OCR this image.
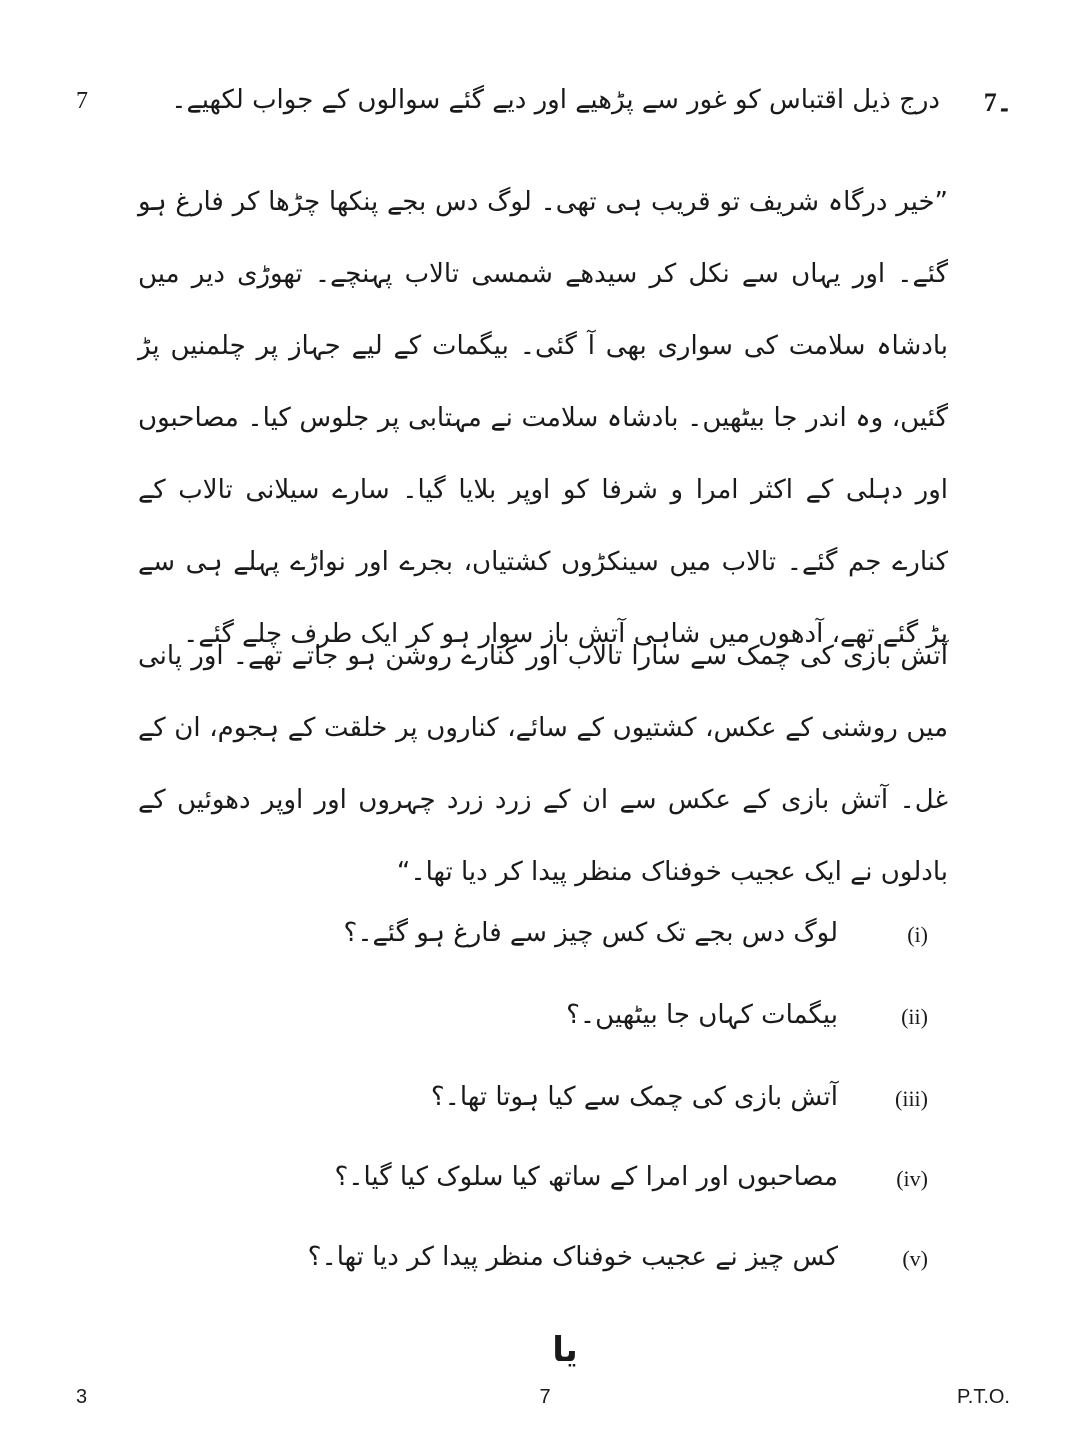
7۔
درج ذیل اقتباس کو غور سے پڑھیے اور دیے گئے سوالوں کے جواب لکھیے۔
7
”خیر درگاہ شریف تو قریب ہی تھی۔ لوگ دس بجے پنکھا چڑھا کر فارغ ہو گئے۔ اور یہاں سے نکل کر سیدھے شمسی تالاب پہنچے۔ تھوڑی دیر میں بادشاہ سلامت کی سواری بھی آ گئی۔ بیگمات کے لیے جہاز پر چلمنیں پڑ گئیں، وہ اندر جا بیٹھیں۔ بادشاہ سلامت نے مہتابی پر جلوس کیا۔ مصاحبوں اور دہلی کے اکثر امرا و شرفا کو اوپر بلایا گیا۔ سارے سیلانی تالاب کے کنارے جم گئے۔ تالاب میں سینکڑوں کشتیاں، بجرے اور نواڑے پہلے ہی سے پڑ گئے تھے، آدھوں میں شاہی آتش باز سوار ہو کر ایک طرف چلے گئے۔
آتش بازی کی چمک سے سارا تالاب اور کنارے روشن ہو جاتے تھے۔ اور پانی میں روشنی کے عکس، کشتیوں کے سائے، کناروں پر خلقت کے ہجوم، ان کے غل۔ آتش بازی کے عکس سے ان کے زرد زرد چہروں اور اوپر دھوئیں کے بادلوں نے ایک عجیب خوفناک منظر پیدا کر دیا تھا۔“
(i)
لوگ دس بجے تک کس چیز سے فارغ ہو گئے۔؟
(ii)
بیگمات کہاں جا بیٹھیں۔؟
(iii)
آتش بازی کی چمک سے کیا ہوتا تھا۔؟
(iv)
مصاحبوں اور امرا کے ساتھ کیا سلوک کیا گیا۔؟
(v)
کس چیز نے عجیب خوفناک منظر پیدا کر دیا تھا۔؟
یا
3	7	P.T.O.
